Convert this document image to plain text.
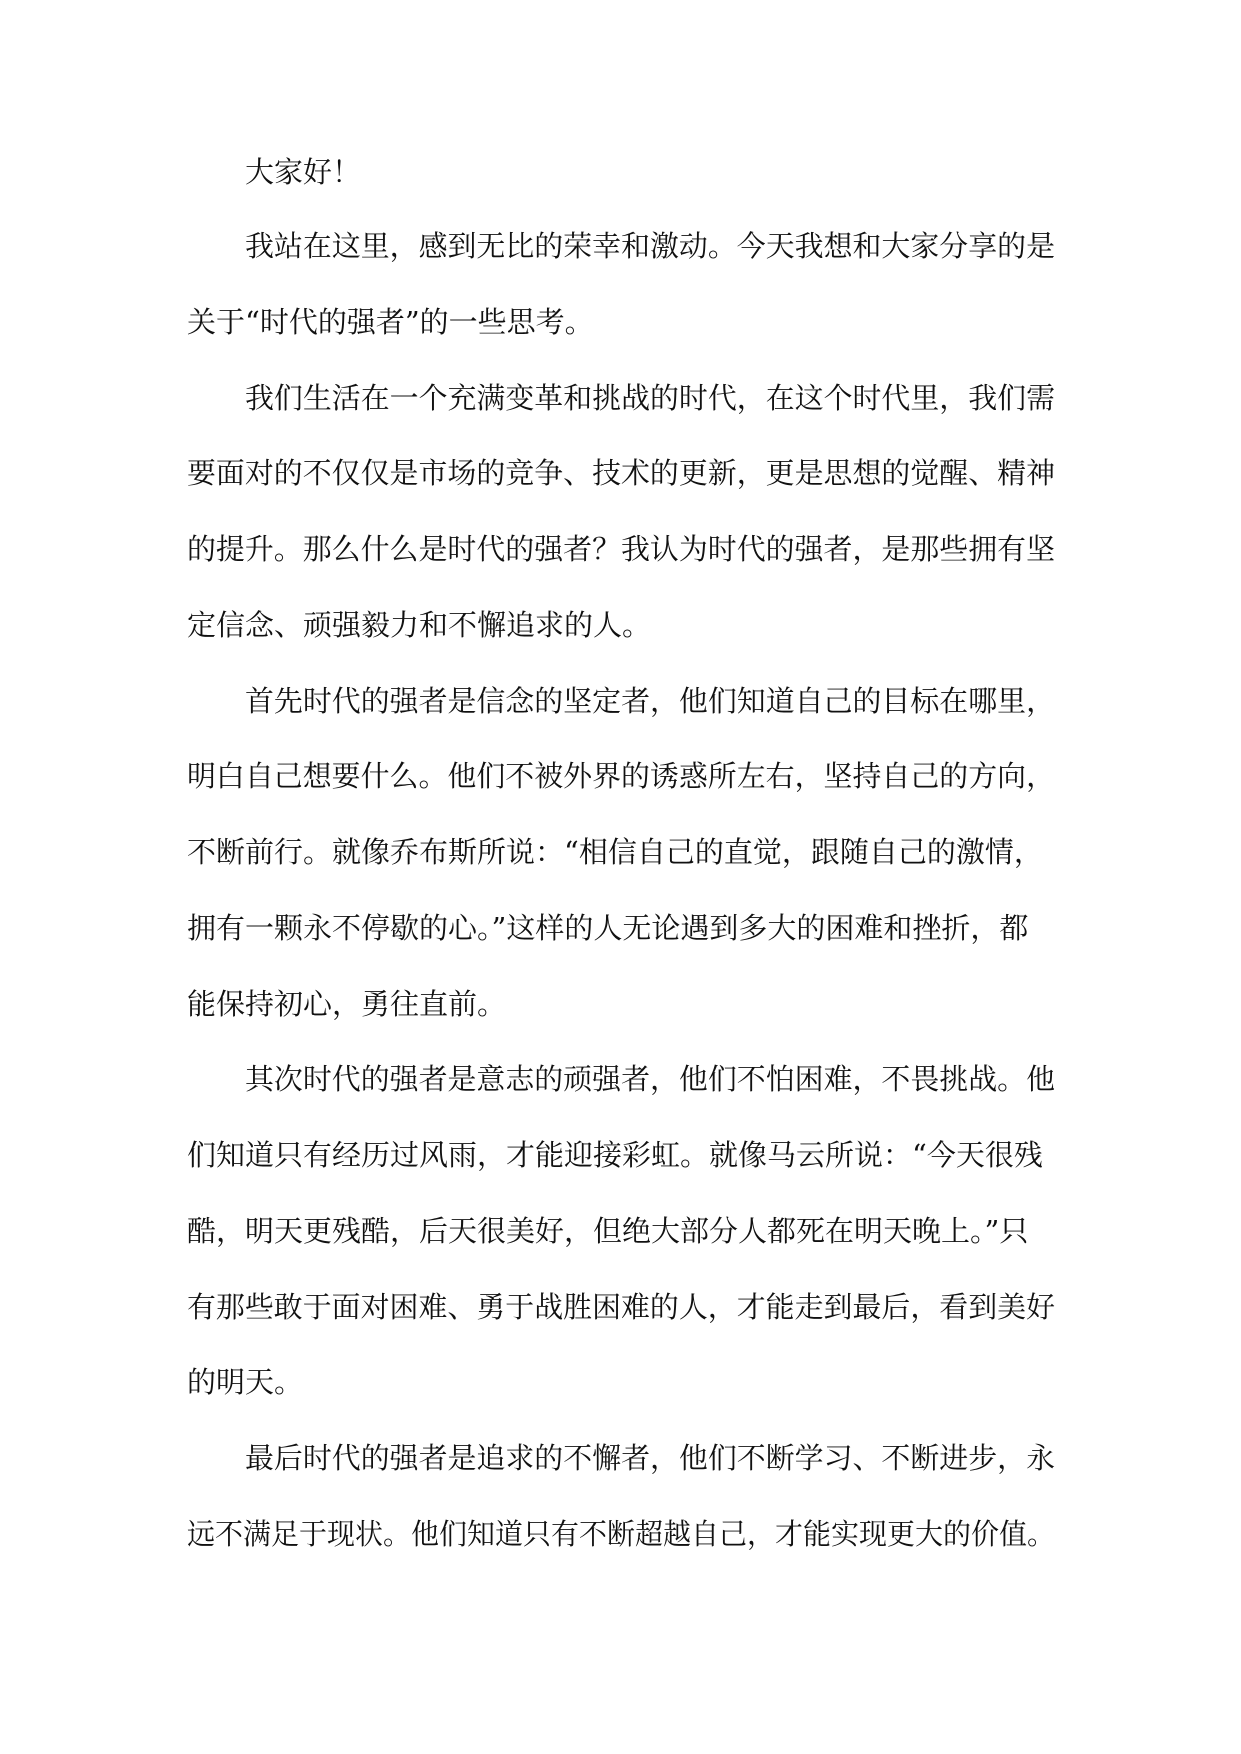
大家好！
我站在这里，感到无比的荣幸和激动。今天我想和大家分享的是
关于“时代的强者”的一些思考。
我们生活在一个充满变革和挑战的时代，在这个时代里，我们需
要面对的不仅仅是市场的竞争、技术的更新，更是思想的觉醒、精神
的提升。那么什么是时代的强者？我认为时代的强者，是那些拥有坚
定信念、顽强毅力和不懈追求的人。
首先时代的强者是信念的坚定者，他们知道自己的目标在哪里，
明白自己想要什么。他们不被外界的诱惑所左右，坚持自己的方向，
不断前行。就像乔布斯所说：“相信自己的直觉，跟随自己的激情，
拥有一颗永不停歇的心。”这样的人无论遇到多大的困难和挫折，都
能保持初心，勇往直前。
其次时代的强者是意志的顽强者，他们不怕困难，不畏挑战。他
们知道只有经历过风雨，才能迎接彩虹。就像马云所说：“今天很残
酷，明天更残酷，后天很美好，但绝大部分人都死在明天晚上。”只
有那些敢于面对困难、勇于战胜困难的人，才能走到最后，看到美好
的明天。
最后时代的强者是追求的不懈者，他们不断学习、不断进步，永
远不满足于现状。他们知道只有不断超越自己，才能实现更大的价值。
